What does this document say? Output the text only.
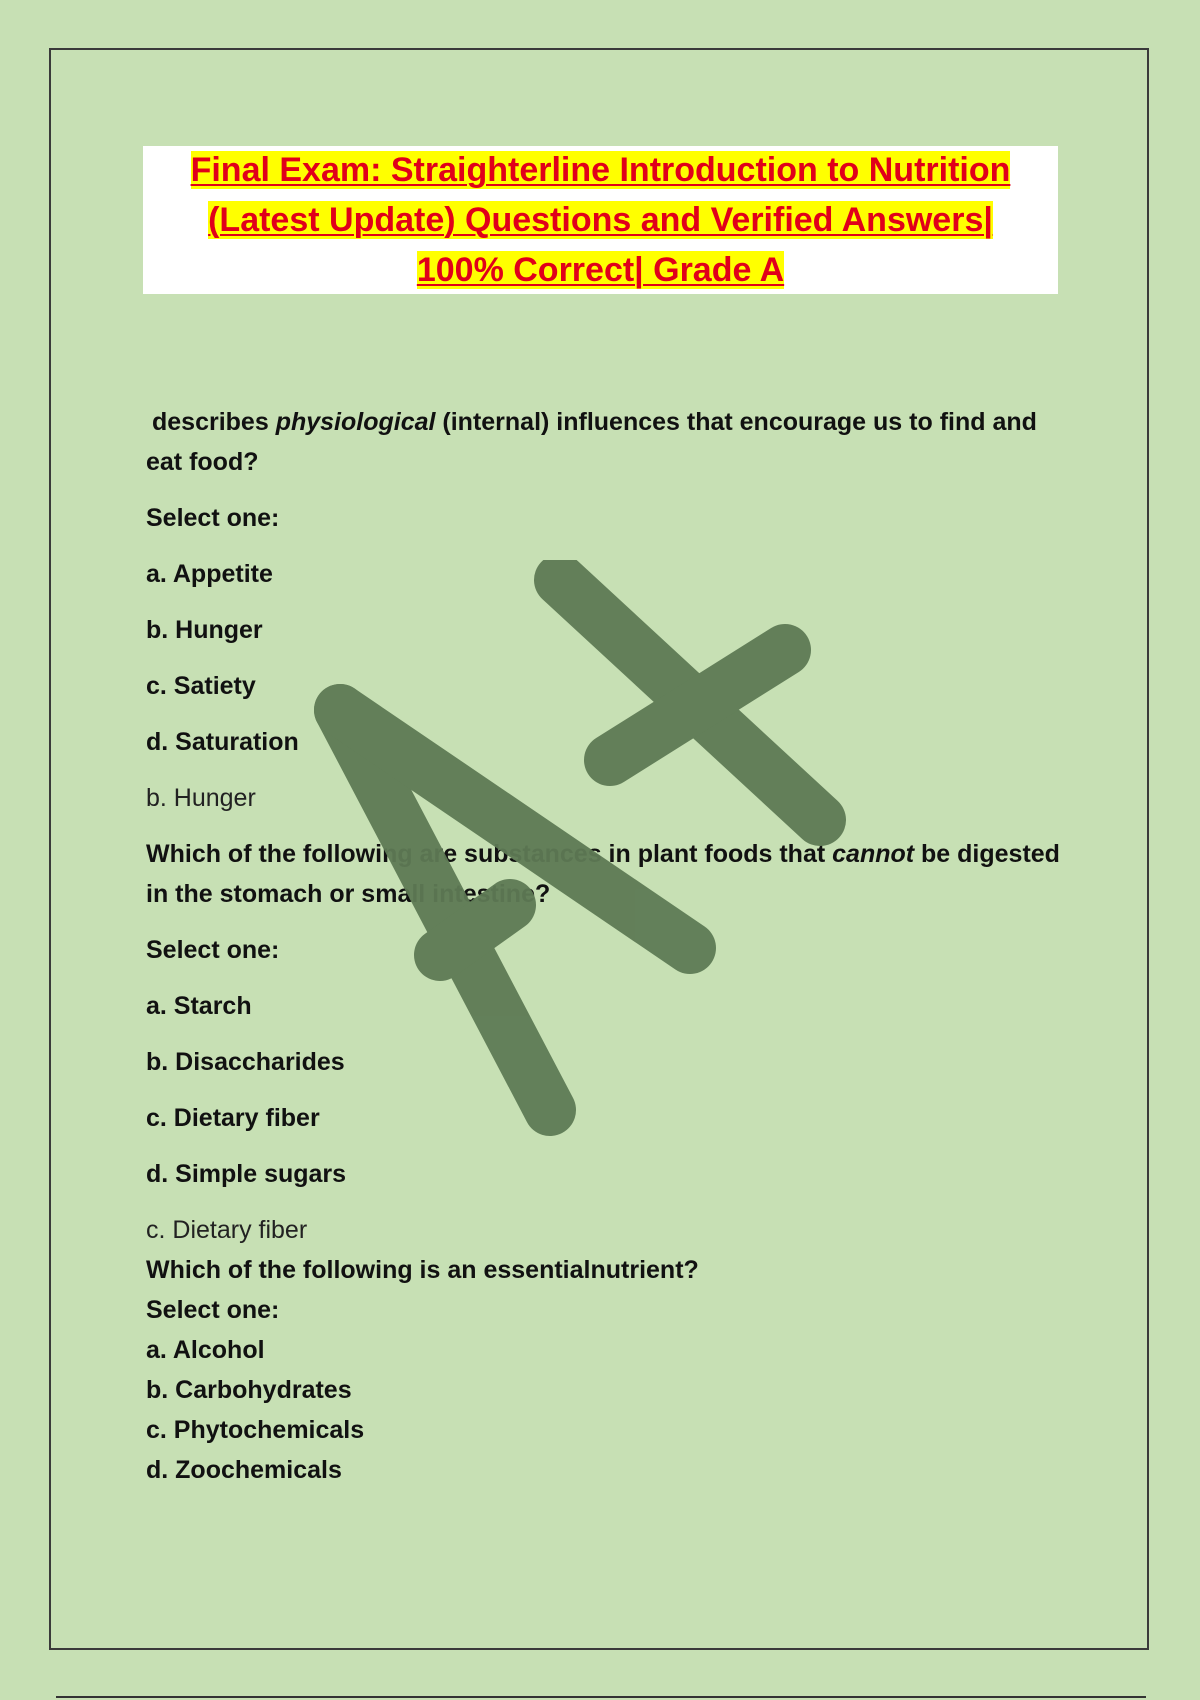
Final Exam: Straighterline Introduction to Nutrition
(Latest Update) Questions and Verified Answers|
100% Correct| Grade A

describes physiological (internal) influences that encourage us to find and eat food?

Select one:

a. Appetite

b. Hunger

c. Satiety

d. Saturation

b. Hunger

Which of the following are substances in plant foods that cannot be digested in the stomach or small intestine?

Select one:

a. Starch

b. Disaccharides

c. Dietary fiber

d. Simple sugars

c. Dietary fiber

Which of the following is an essentialnutrient?

Select one:

a. Alcohol

b. Carbohydrates

c. Phytochemicals

d. Zoochemicals
